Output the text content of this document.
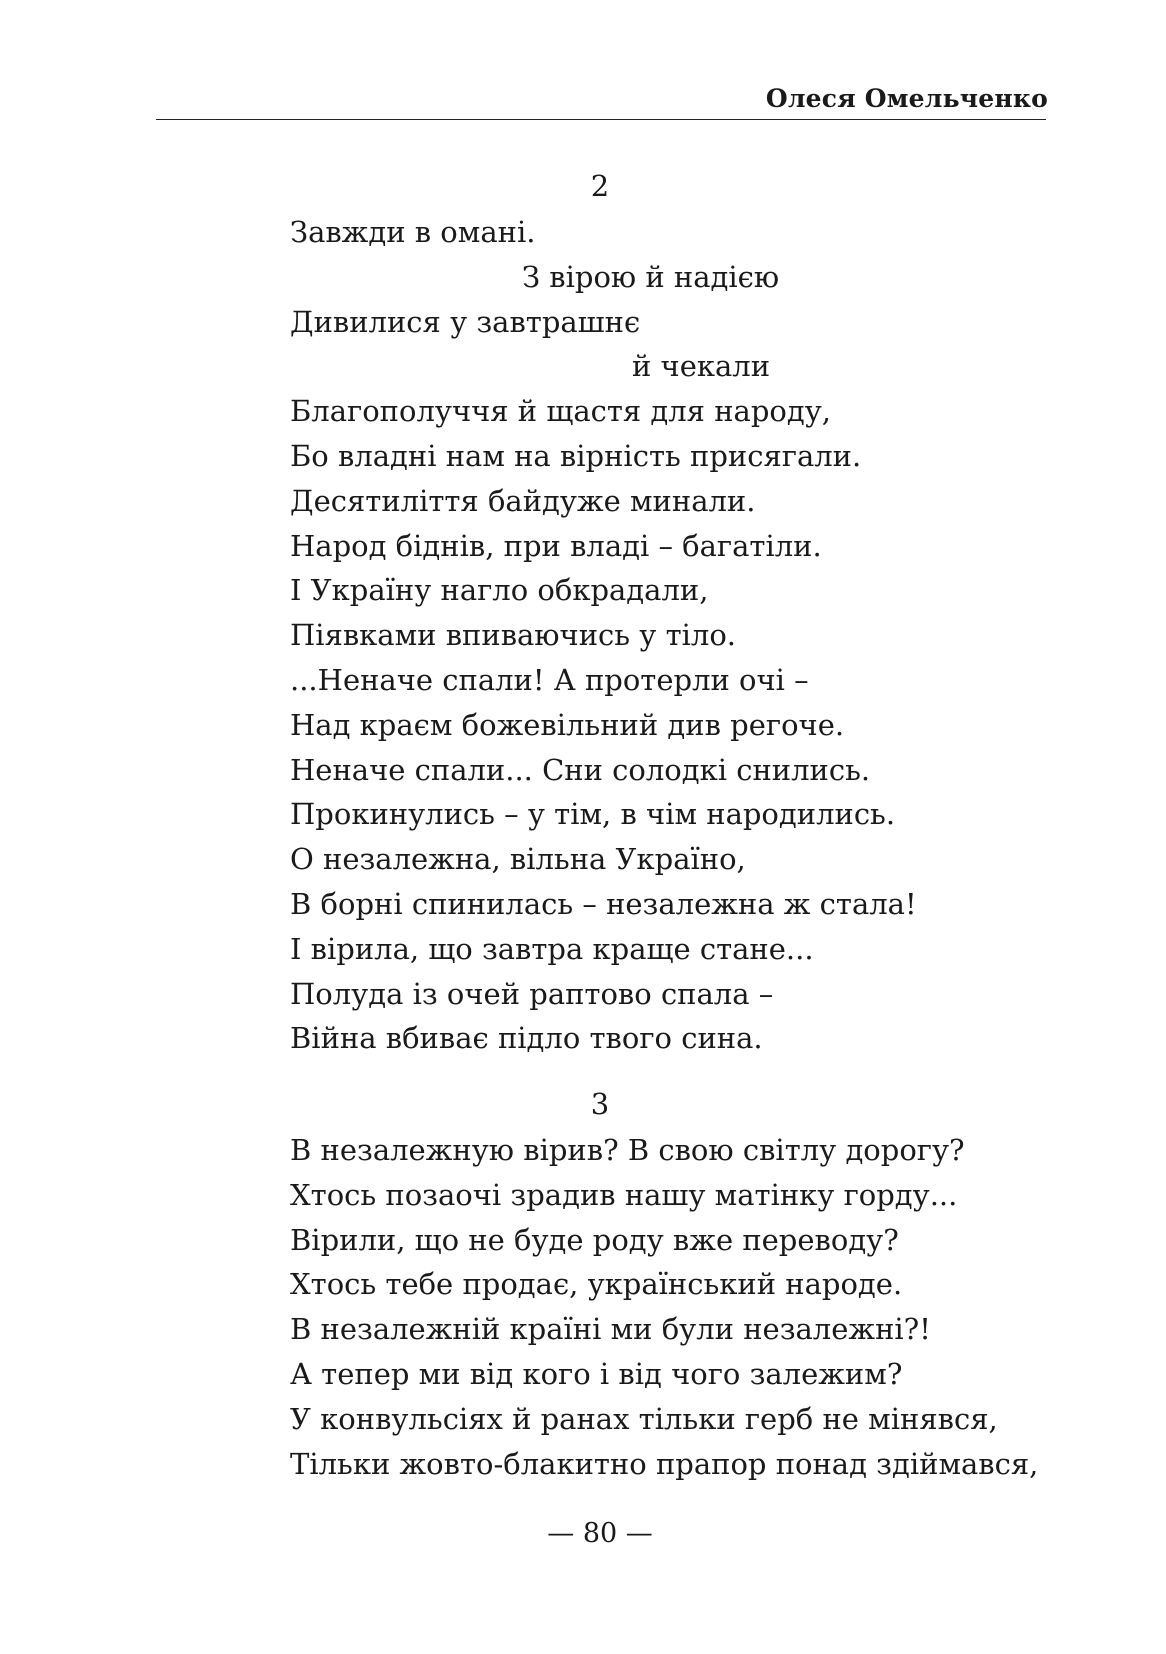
Олеся Омельченко
2
Завжди в омані.
З вірою й надією
Дивилися у завтрашнє
й чекали
Благополуччя й щастя для народу,
Бо владні нам на вірність присягали.
Десятиліття байдуже минали.
Народ біднів, при владі – багатіли.
І Україну нагло обкрадали,
Піявками впиваючись у тіло.
...Неначе спали! А протерли очі –
Над краєм божевільний див регоче.
Неначе спали... Сни солодкі снились.
Прокинулись – у тім, в чім народились.
О незалежна, вільна Україно,
В борні спинилась – незалежна ж стала!
І вірила, що завтра краще стане...
Полуда із очей раптово спала –
Війна вбиває підло твого сина.
3
В незалежную вірив? В свою світлу дорогу?
Хтось позаочі зрадив нашу матінку горду...
Вірили, що не буде роду вже переводу?
Хтось тебе продає, український народе.
В незалежній країні ми були незалежні?!
А тепер ми від кого і від чого залежим?
У конвульсіях й ранах тільки герб не мінявся,
Тільки жовто-блакитно прапор понад здіймався,
— 80 —
